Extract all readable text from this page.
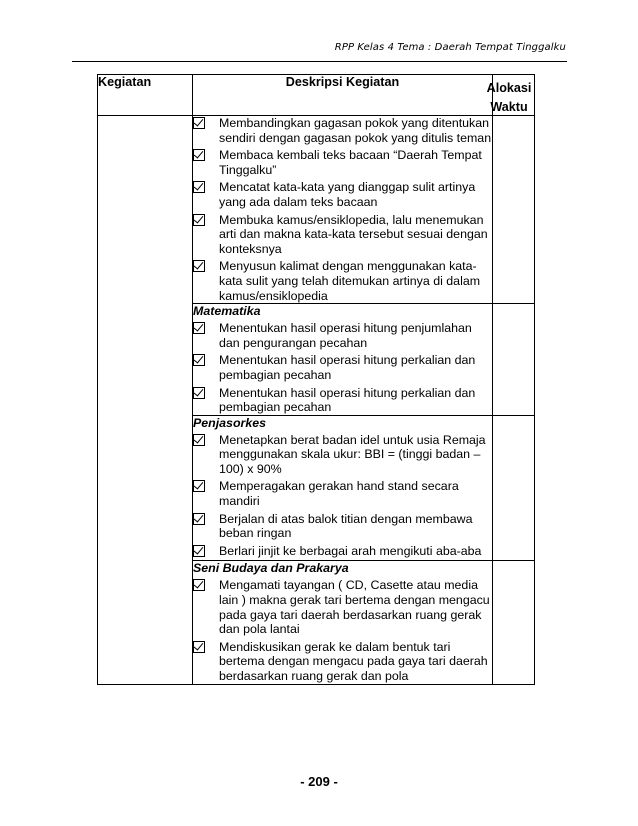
RPP Kelas 4 Tema : Daerah Tempat Tinggalku
Kegiatan	Deskripsi Kegiatan	Alokasi
Waktu

	Membandingkan gagasan pokok yang ditentukan sendiri dengan gagasan pokok yang ditulis teman
Membaca kembali teks bacaan “Daerah Tempat Tinggalku”
Mencatat kata-kata yang dianggap sulit artinya yang ada dalam teks bacaan
Membuka kamus/ensiklopedia, lalu menemukan arti dan makna kata-kata tersebut sesuai dengan konteksnya
Menyusun kalimat dengan menggunakan kata-kata sulit yang telah ditemukan artinya di dalam kamus/ensiklopedia	

	Matematika
Menentukan hasil operasi hitung penjumlahan dan pengurangan pecahan
Menentukan hasil operasi hitung perkalian dan pembagian pecahan
Menentukan hasil operasi hitung perkalian dan pembagian pecahan	

	Penjasorkes
Menetapkan berat badan idel untuk usia Remaja menggunakan skala ukur: BBI = (tinggi badan – 100) x 90%
Memperagakan gerakan hand stand secara mandiri
Berjalan di atas balok titian dengan membawa beban ringan
Berlari jinjit ke berbagai arah mengikuti aba-aba	

	Seni Budaya dan Prakarya
Mengamati tayangan ( CD, Casette atau media lain ) makna gerak tari bertema dengan mengacu pada gaya tari daerah berdasarkan ruang gerak dan pola lantai
Mendiskusikan gerak ke dalam bentuk tari bertema dengan mengacu pada gaya tari daerah berdasarkan ruang gerak dan pola	

- 209 -
